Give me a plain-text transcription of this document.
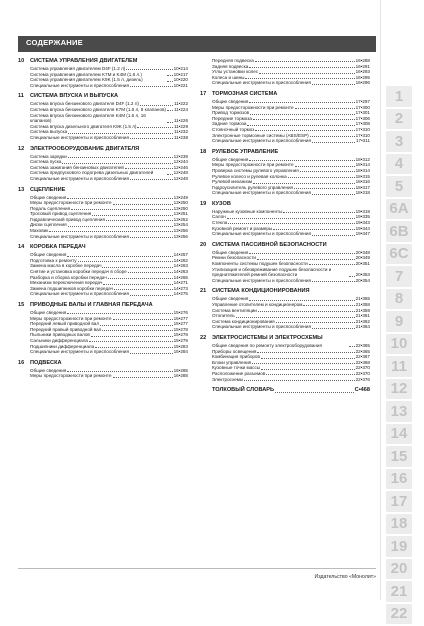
СОДЕРЖАНИЕ
10	СИСТЕМА УПРАВЛЕНИЯ ДВИГАТЕЛЕМ
Система управления двигателем D4F (1.2 л)	10•214
Система управления двигателем K7M и K4M (1.6 л.)	10•217
Система управления двигателем K9K (1.5 л, дизель)	10•220
Специальные инструменты и приспособления	10•221
11	СИСТЕМА ВПУСКА И ВЫПУСКА
Система впуска бензинового двигателя D4F (1.2 л)	11•222
Система впуска бензинового двигателя K7M (1.6 л, 8 клапанов) 11•224
Система впуска бензинового двигателя K4M (1.6 л, 16 клапанов)	11•226
Система впуска дизельного двигателя K9K (1.5 л)	11•229
Система выпуска	11•232
Специальные инструменты и приспособления	11•238
12	ЭЛЕКТРООБОРУДОВАНИЕ ДВИГАТЕЛЯ
Система зарядки	12•239
Система пуска	12•244
Система зажигания бензиновых двигателей	12•246
Система предпускового подогрева дизельных двигателей	12•248
Специальные инструменты и приспособления	12•248
13	СЦЕПЛЕНИЕ
Общие сведения	13•249
Меры предосторожности при ремонте	13•250
Педаль сцепления	13•250
Тросовый привод сцепления	13•251
Гидравлический привод сцепления	13•252
Диски сцепления	13•254
Маховик	13•256
Специальные инструменты и приспособления	13•256
14	КОРОБКА ПЕРЕДАЧ
Общие сведения	14•257
Подготовка к ремонту	14•262
Замена масла в коробке передач	14•263
Снятие и установка коробки передач в сборе	14•263
Разборка и сборка коробки передач	14•265
Механизм переключения передач	14•271
Замена подшипников коробки передач	14•273
Специальные инструменты и приспособления	14•275
15	ПРИВОДНЫЕ ВАЛЫ И ГЛАВНАЯ ПЕРЕДАЧА
Общие сведения	15•276
Меры предосторожности при ремонте	15•277
Передний левый приводной вал	15•277
Передний правый приводной вал	15•278
Пыльники приводных валов	15•278
Сальники дифференциала	15•279
Подшипники дифференциала	15•283
Специальные инструменты и приспособления	15•284
16	ПОДВЕСКА
Общие сведения	16•285
Меры предосторожности при ремонте	16•288
Передняя подвеска	16•288
Задняя подвеска	16•291
Углы установки колес	16•293
Колеса и шины	16•295
Специальные инструменты и приспособления	16•296
17	ТОРМОЗНАЯ СИСТЕМА
Общие сведения	17•297
Меры предосторожности при ремонте	17•300
Привод тормозов	17•301
Передние тормоза	17•306
Задние тормоза	17•308
Стояночный тормоз	17•310
Электронные тормозные системы (ABS/ESP)	17•310
Специальные инструменты и приспособления	17•311
18	РУЛЕВОЕ УПРАВЛЕНИЕ
Общие сведения	18•312
Меры предосторожности при ремонте	18•314
Проверка системы рулевого управления	18•314
Рулевое колесо и рулевая колонка	18•315
Рулевой механизм	18•316
Гидроусилитель рулевого управления	18•317
Специальные инструменты и приспособления	18•318
19	КУЗОВ
Наружные кузовные компоненты	19•319
Салон	19•335
Стекла	19•343
Кузовной ремонт и размеры	19•344
Специальные инструменты и приспособления	19•347
20	СИСТЕМА ПАССИВНОЙ БЕЗОПАСНОСТИ
Общие сведения	20•348
Ремни безопасности	20•349
Компоненты системы подушек безопасности	20•351
Утилизация и обезвреживание подушек безопасности и преднатяжителей ремней безопасности	20•353
Специальные инструменты и приспособления	20•354
21	СИСТЕМА КОНДИЦИОНИРОВАНИЯ
Общие сведения	21•355
Управление отопителем и кондиционером	21•358
Система вентиляции	21•359
Отопитель	21•361
Система кондиционирования	21•362
Специальные инструменты и приспособления	21•364
22	ЭЛЕКТРОСИСТЕМЫ И ЭЛЕКТРОСХЕМЫ
Общие сведения по ремонту электрооборудования	22•365
Приборы освещения	22•365
Комбинация приборов	22•367
Блоки управления	22•368
Кузовные точки массы	22•370
Расположение разъемов	22•370
Электросхемы	22•376
ТОЛКОВЫЙ СЛОВАРЬ	С•468
1
2
3
4
5
6A
6B
6C
7
8
9
10
11
12
13
14
15
16
17
18
19
20
21
22
Издательство «Монолит»
